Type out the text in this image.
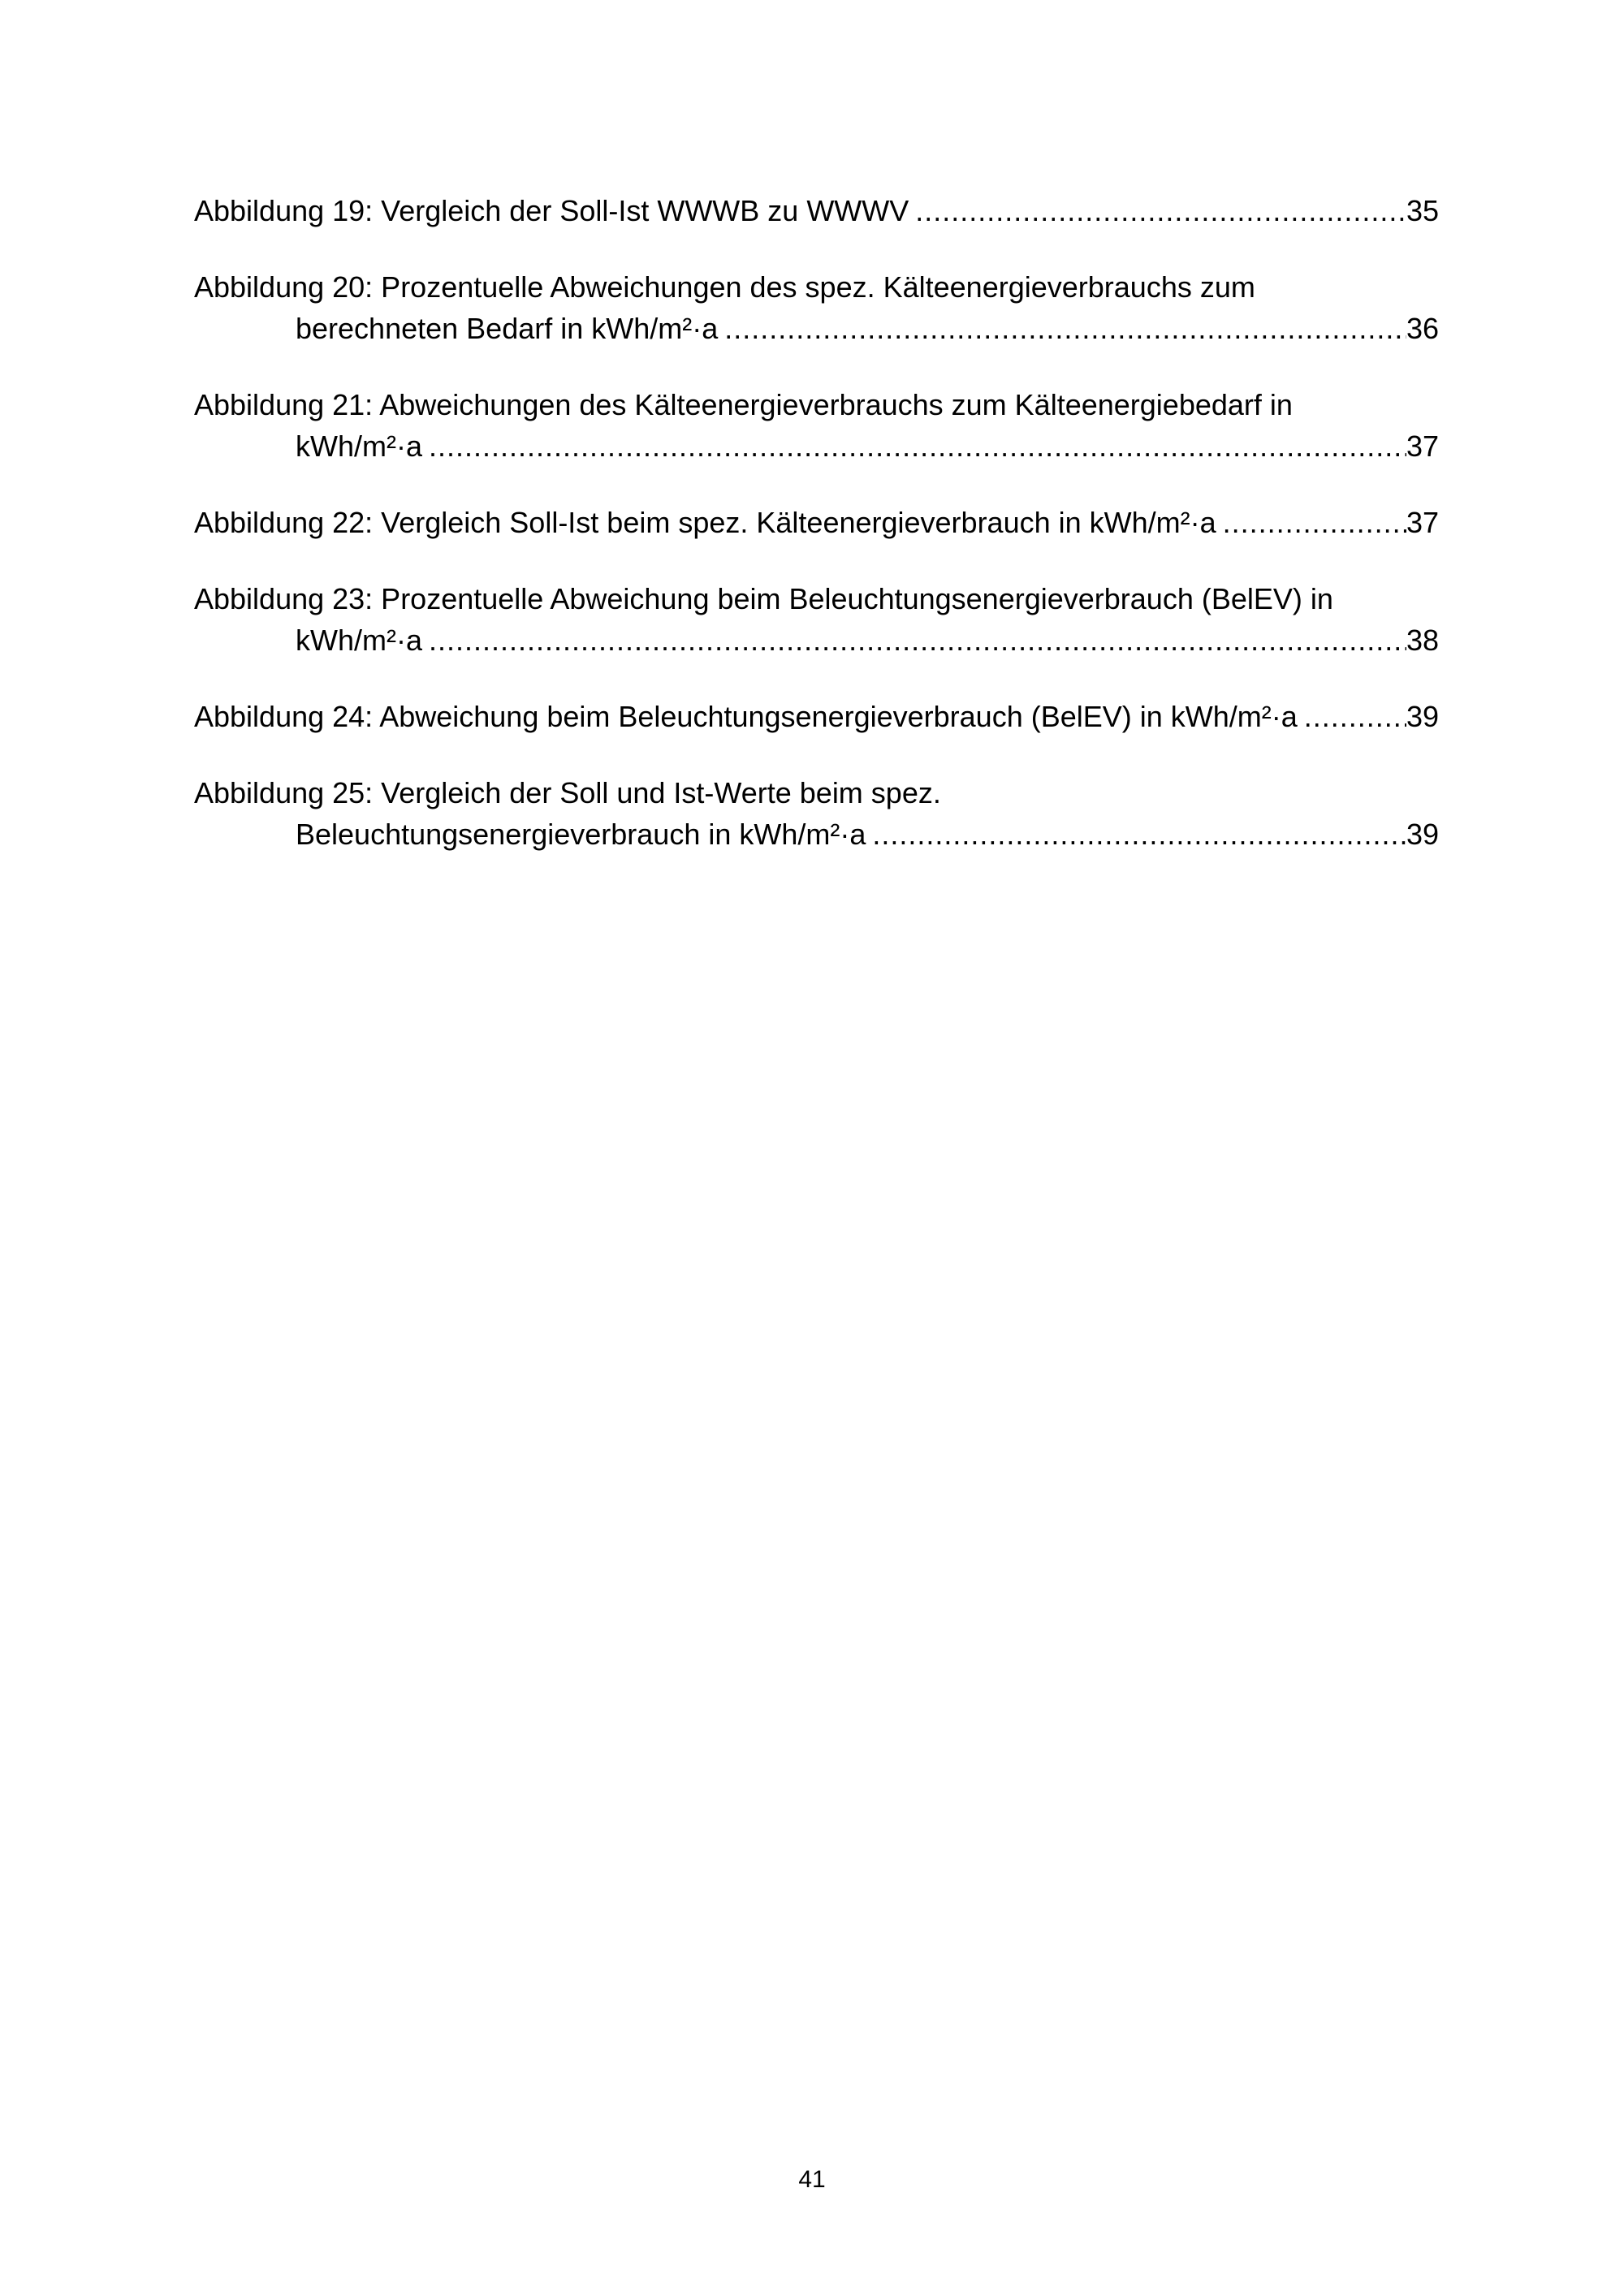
Abbildung 19: Vergleich der Soll-Ist WWWB zu WWWV .....	35
Abbildung 20: Prozentuelle Abweichungen des spez. Kälteenergieverbrauchs zum
berechneten Bedarf in kWh/m²·a .....	36
Abbildung 21: Abweichungen des Kälteenergieverbrauchs zum Kälteenergiebedarf in
kWh/m²·a .....	37
Abbildung 22: Vergleich Soll-Ist beim spez. Kälteenergieverbrauch in kWh/m²·a .....	37
Abbildung 23: Prozentuelle Abweichung beim Beleuchtungsenergieverbrauch (BelEV) in
kWh/m²·a .....	38
Abbildung 24: Abweichung beim Beleuchtungsenergieverbrauch (BelEV) in kWh/m²·a .....	39
Abbildung 25: Vergleich der Soll und Ist-Werte beim spez.
Beleuchtungsenergieverbrauch in kWh/m²·a .....	39
41
